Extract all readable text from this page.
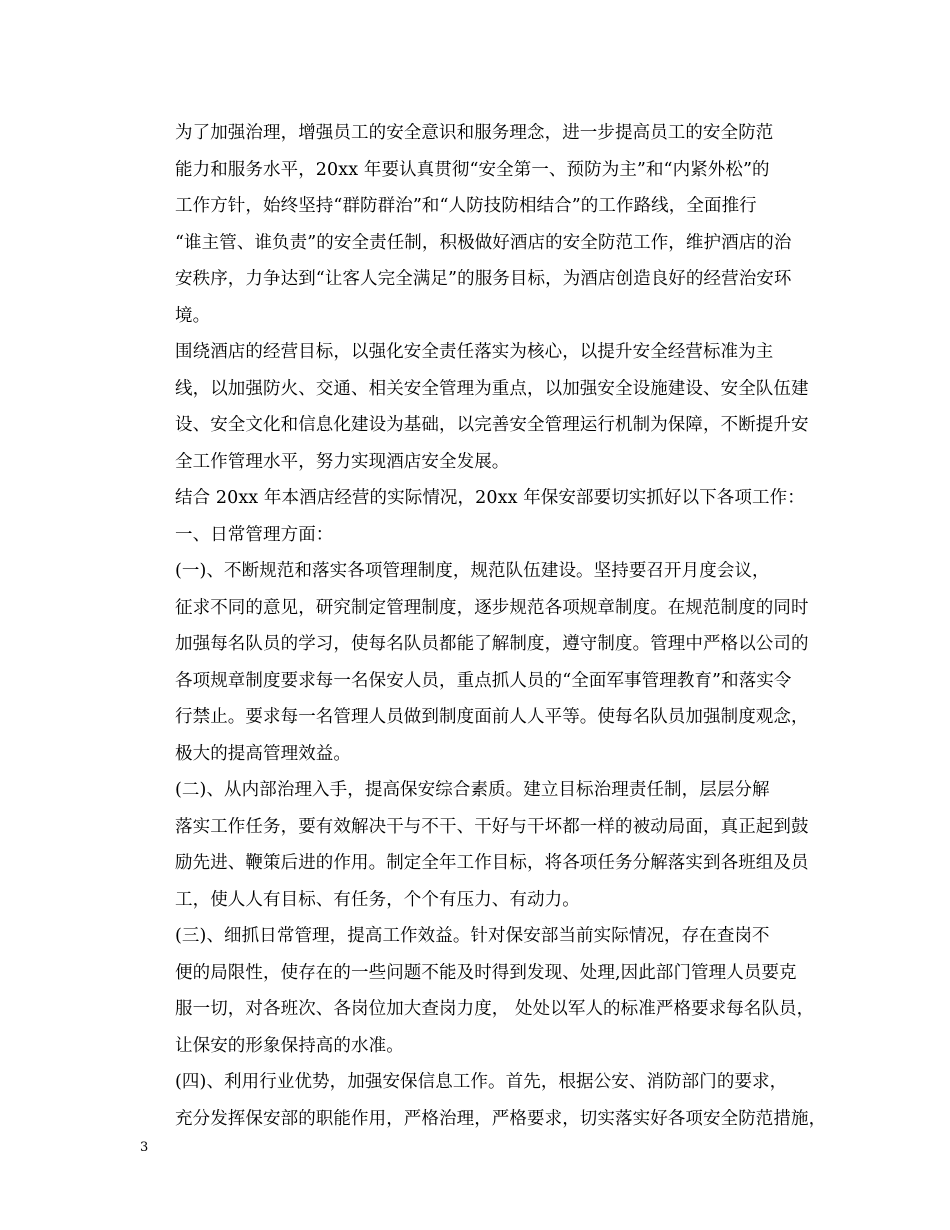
为了加强治理，增强员工的安全意识和服务理念，进一步提高员工的安全防范
能力和服务水平，20xx 年要认真贯彻“安全第一、预防为主”和“内紧外松”的
工作方针，始终坚持“群防群治”和“人防技防相结合”的工作路线，全面推行
“谁主管、谁负责”的安全责任制，积极做好酒店的安全防范工作，维护酒店的治
安秩序，力争达到“让客人完全满足”的服务目标，为酒店创造良好的经营治安环
境。

围绕酒店的经营目标，以强化安全责任落实为核心，以提升安全经营标准为主
线，以加强防火、交通、相关安全管理为重点，以加强安全设施建设、安全队伍建
设、安全文化和信息化建设为基础，以完善安全管理运行机制为保障，不断提升安
全工作管理水平，努力实现酒店安全发展。

结合 20xx 年本酒店经营的实际情况，20xx 年保安部要切实抓好以下各项工作：

一、日常管理方面：

(一)、不断规范和落实各项管理制度，规范队伍建设。坚持要召开月度会议，
征求不同的意见，研究制定管理制度，逐步规范各项规章制度。在规范制度的同时
加强每名队员的学习，使每名队员都能了解制度，遵守制度。管理中严格以公司的
各项规章制度要求每一名保安人员，重点抓人员的“全面军事管理教育”和落实令
行禁止。要求每一名管理人员做到制度面前人人平等。使每名队员加强制度观念，
极大的提高管理效益。

(二)、从内部治理入手，提高保安综合素质。建立目标治理责任制，层层分解
落实工作任务，要有效解决干与不干、干好与干坏都一样的被动局面，真正起到鼓
励先进、鞭策后进的作用。制定全年工作目标，将各项任务分解落实到各班组及员
工，使人人有目标、有任务，个个有压力、有动力。

(三)、细抓日常管理，提高工作效益。针对保安部当前实际情况，存在查岗不
便的局限性，使存在的一些问题不能及时得到发现、处理,因此部门管理人员要克
服一切，对各班次、各岗位加大查岗力度， 处处以军人的标准严格要求每名队员，
让保安的形象保持高的水准。

(四)、利用行业优势，加强安保信息工作。首先，根据公安、消防部门的要求，
充分发挥保安部的职能作用，严格治理，严格要求，切实落实好各项安全防范措施，

3
